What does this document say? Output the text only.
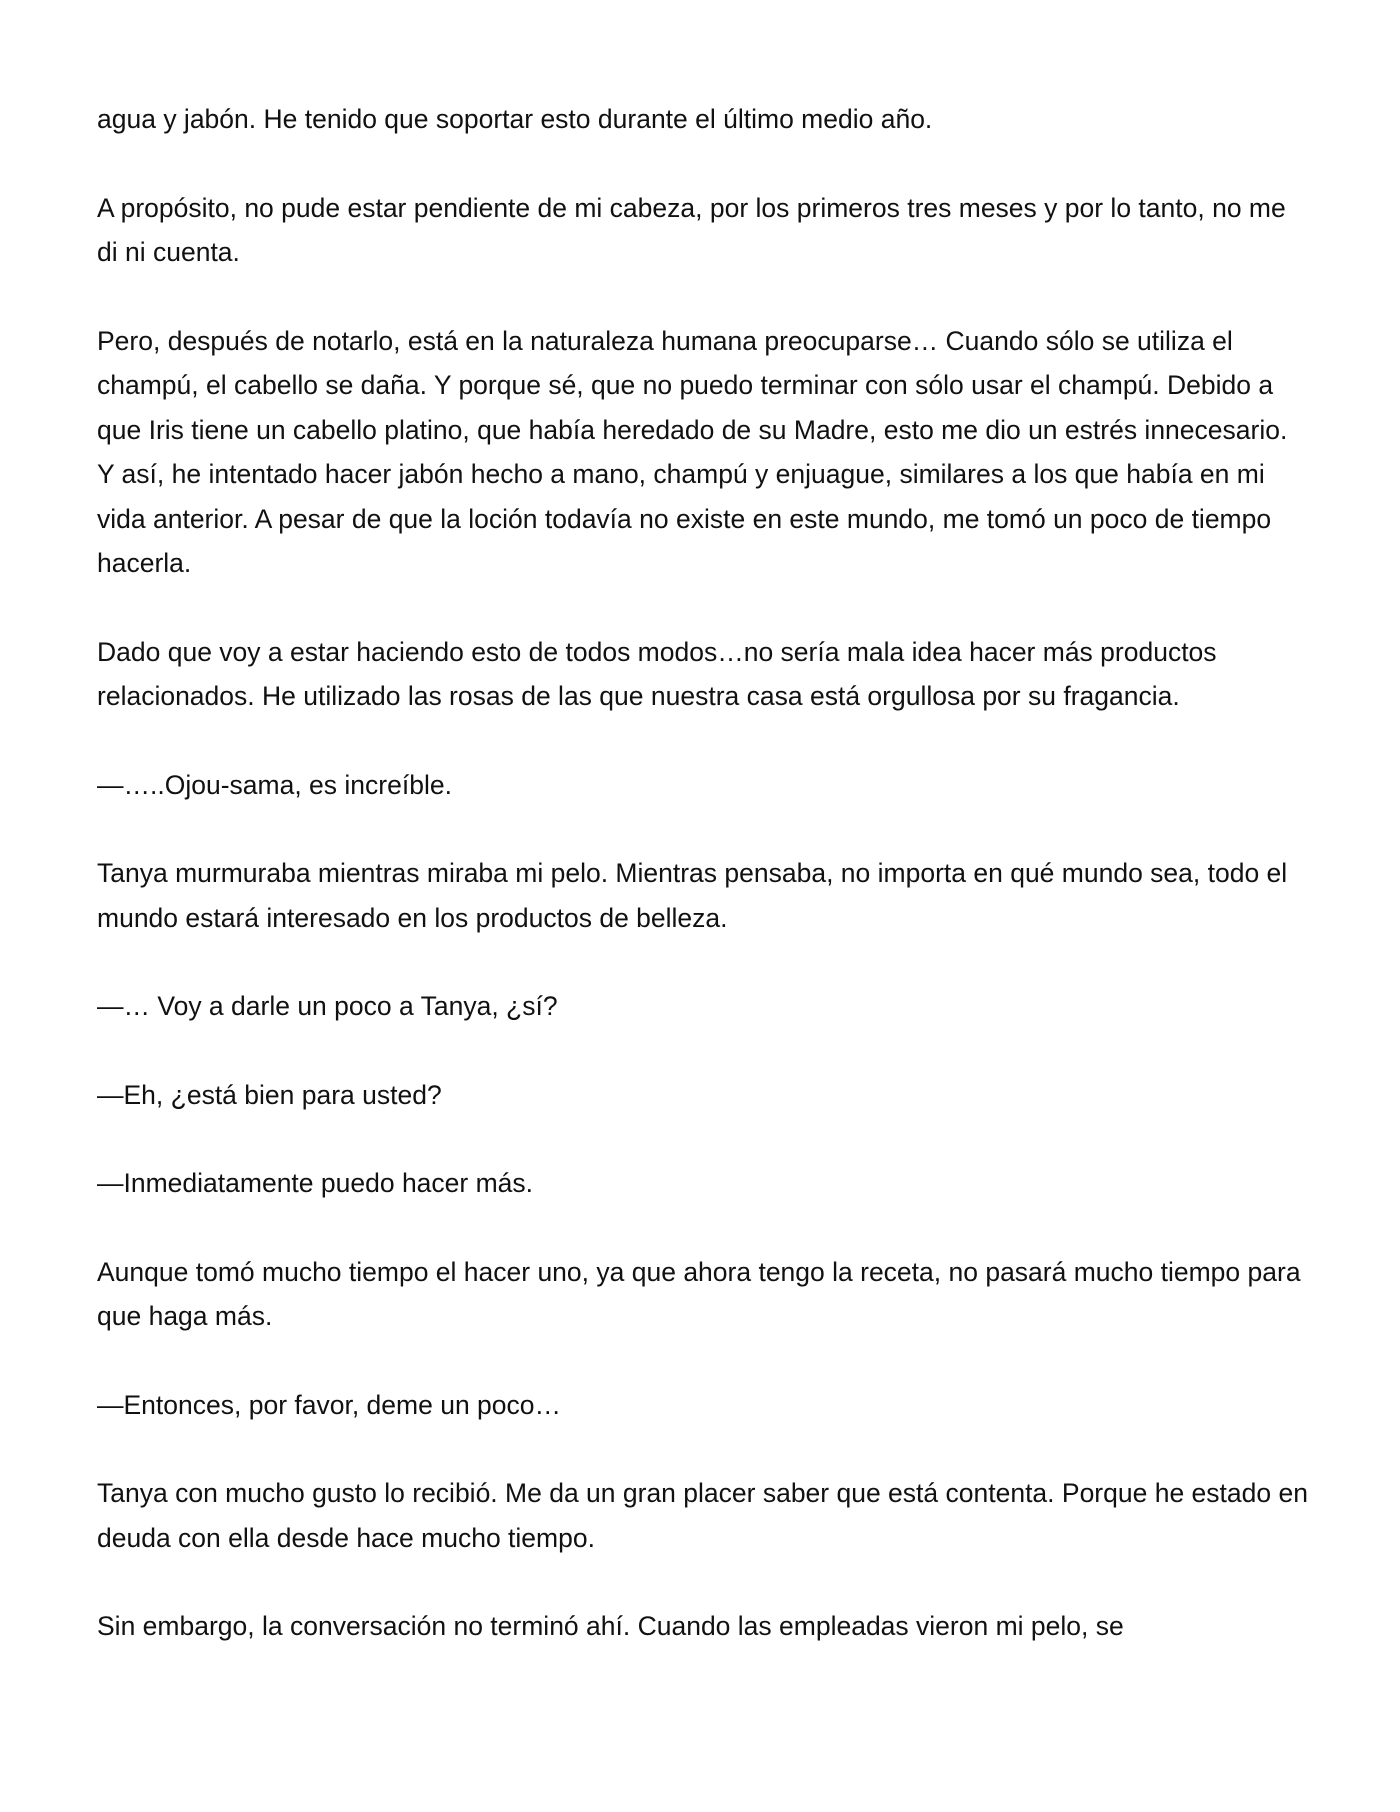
agua y jabón. He tenido que soportar esto durante el último medio año.

A propósito, no pude estar pendiente de mi cabeza, por los primeros tres meses y por lo tanto, no me di ni cuenta.

Pero, después de notarlo, está en la naturaleza humana preocuparse… Cuando sólo se utiliza el champú, el cabello se daña. Y porque sé, que no puedo terminar con sólo usar el champú. Debido a que Iris tiene un cabello platino, que había heredado de su Madre, esto me dio un estrés innecesario. Y así, he intentado hacer jabón hecho a mano, champú y enjuague, similares a los que había en mi vida anterior. A pesar de que la loción todavía no existe en este mundo, me tomó un poco de tiempo hacerla.

Dado que voy a estar haciendo esto de todos modos…no sería mala idea hacer más productos relacionados. He utilizado las rosas de las que nuestra casa está orgullosa por su fragancia.

—…..Ojou-sama, es increíble.

Tanya murmuraba mientras miraba mi pelo. Mientras pensaba, no importa en qué mundo sea, todo el mundo estará interesado en los productos de belleza.

—… Voy a darle un poco a Tanya, ¿sí?

—Eh, ¿está bien para usted?

—Inmediatamente puedo hacer más.

Aunque tomó mucho tiempo el hacer uno, ya que ahora tengo la receta, no pasará mucho tiempo para que haga más.

—Entonces, por favor, deme un poco…

Tanya con mucho gusto lo recibió. Me da un gran placer saber que está contenta. Porque he estado en deuda con ella desde hace mucho tiempo.

Sin embargo, la conversación no terminó ahí. Cuando las empleadas vieron mi pelo, se
